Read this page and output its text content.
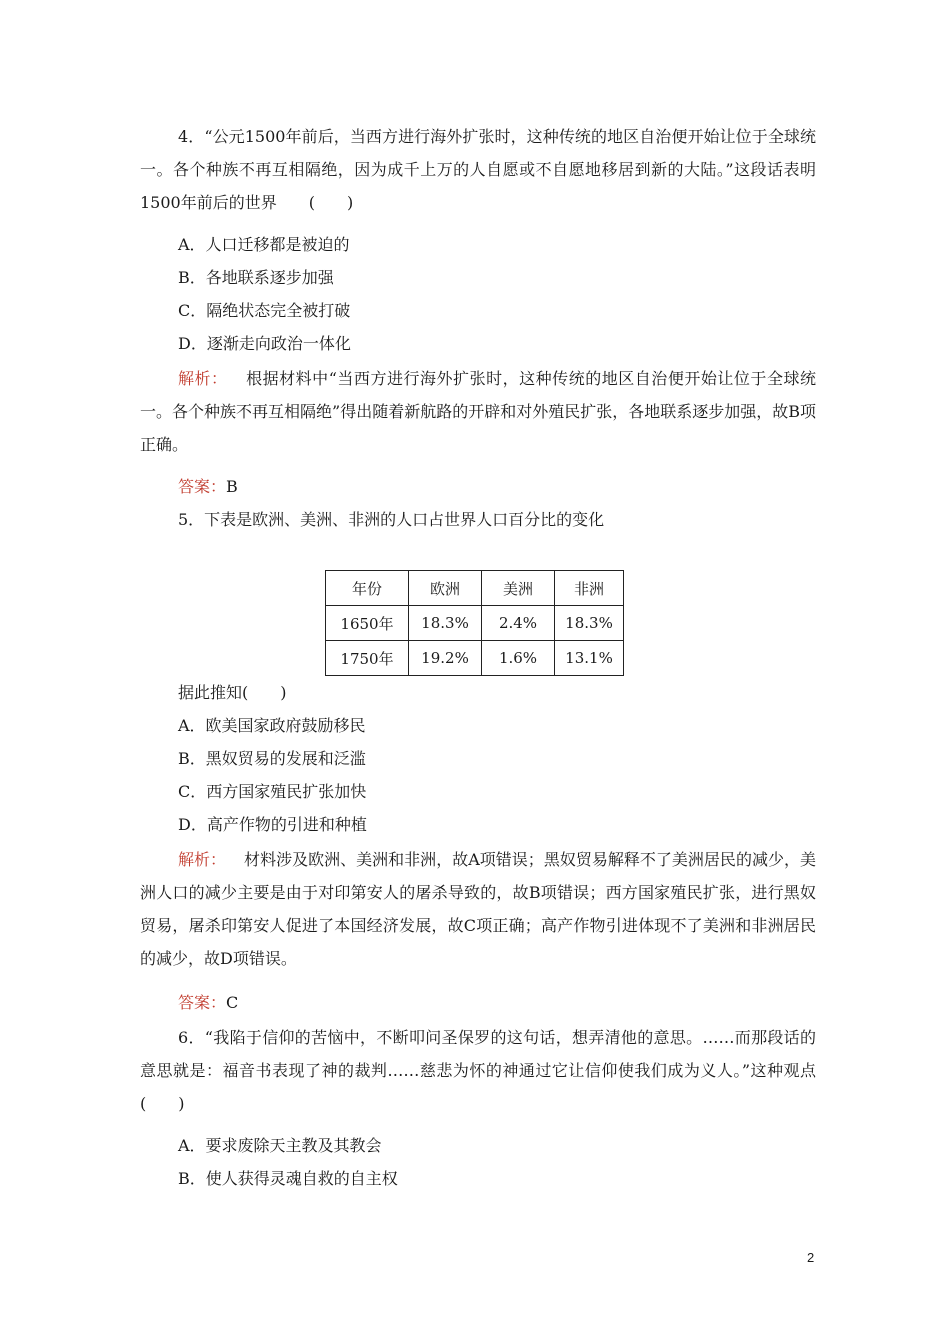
4．“公元1500年前后，当西方进行海外扩张时，这种传统的地区自治便开始让位于全球统一。各个种族不再互相隔绝，因为成千上万的人自愿或不自愿地移居到新的大陆。”这段话表明1500年前后的世界　　(　　)

A．人口迁移都是被迫的

B．各地联系逐步加强

C．隔绝状态完全被打破

D．逐渐走向政治一体化

解析： 根据材料中“当西方进行海外扩张时，这种传统的地区自治便开始让位于全球统一。各个种族不再互相隔绝”得出随着新航路的开辟和对外殖民扩张，各地联系逐步加强，故B项正确。

答案：B

5．下表是欧洲、美洲、非洲的人口占世界人口百分比的变化

年份	欧洲	美洲	非洲
1650年	18.3%	2.4%	18.3%
1750年	19.2%	1.6%	13.1%

据此推知(　　)

A．欧美国家政府鼓励移民

B．黑奴贸易的发展和泛滥

C．西方国家殖民扩张加快

D．高产作物的引进和种植

解析： 材料涉及欧洲、美洲和非洲，故A项错误；黑奴贸易解释不了美洲居民的减少，美洲人口的减少主要是由于对印第安人的屠杀导致的，故B项错误；西方国家殖民扩张，进行黑奴贸易，屠杀印第安人促进了本国经济发展，故C项正确；高产作物引进体现不了美洲和非洲居民的减少，故D项错误。

答案：C

6．“我陷于信仰的苦恼中，不断叩问圣保罗的这句话，想弄清他的意思。……而那段话的意思就是：福音书表现了神的裁判……慈悲为怀的神通过它让信仰使我们成为义人。”这种观点(　　)

A．要求废除天主教及其教会

B．使人获得灵魂自救的自主权

2
